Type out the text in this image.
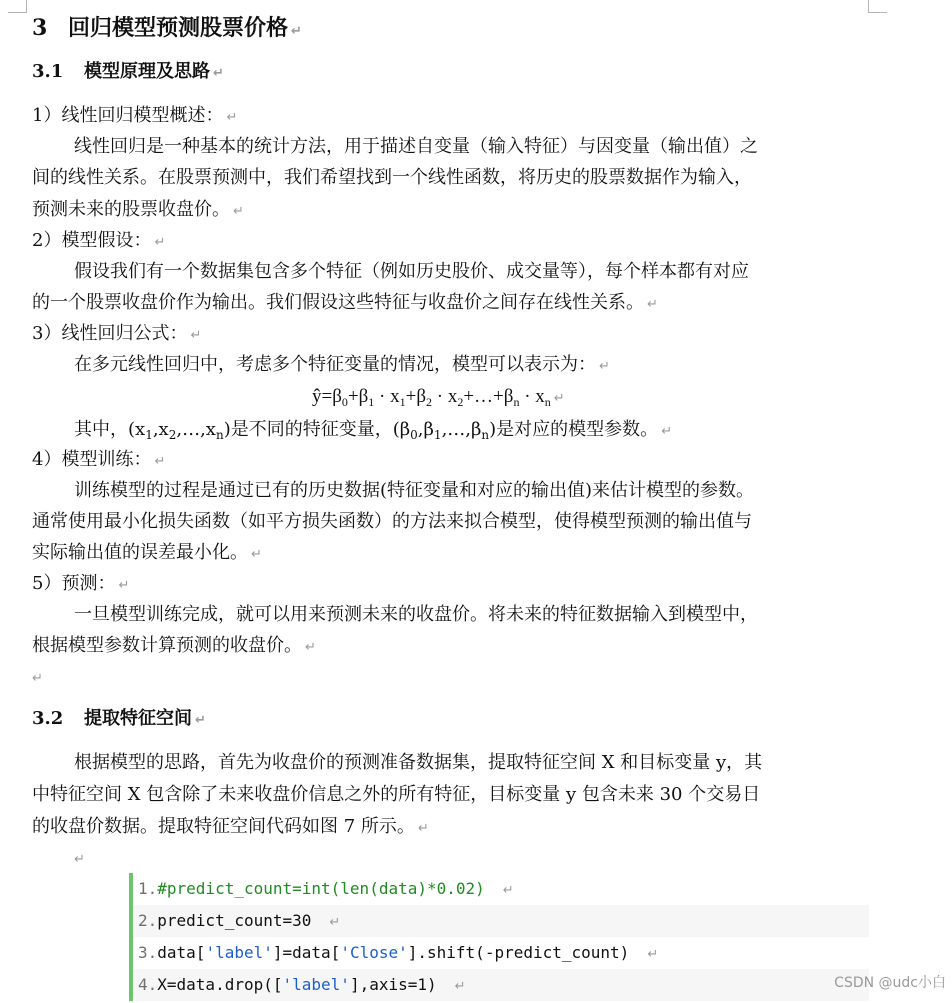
3 回归模型预测股票价格 ↵
3.1 模型原理及思路 ↵
1）线性回归模型概述： ↵
线性回归是一种基本的统计方法，用于描述自变量（输入特征）与因变量（输出值）之
间的线性关系。在股票预测中，我们希望找到一个线性函数，将历史的股票数据作为输入，
预测未来的股票收盘价。 ↵
2）模型假设： ↵
假设我们有一个数据集包含多个特征（例如历史股价、成交量等），每个样本都有对应
的一个股票收盘价作为输出。我们假设这些特征与收盘价之间存在线性关系。 ↵
3）线性回归公式： ↵
在多元线性回归中，考虑多个特征变量的情况，模型可以表示为： ↵
$ŷ=\beta_0+\beta_1 \cdot x_1+\beta_2$ · $x_2+\dots+\beta_n \cdot x_n$ ↵
其中，$(x_1,x_2,\dots,x_n)$是不同的特征变量，$(\beta_0,\beta_1,\dots,\beta_n)$是对应的模型参数。 ↵
4）模型训练： ↵
训练模型的过程是通过已有的历史数据(特征变量和对应的输出值)来估计模型的参数。
通常使用最小化损失函数（如平方损失函数）的方法来拟合模型，使得模型预测的输出值与
实际输出值的误差最小化。 ↵
5）预测： ↵
一旦模型训练完成，就可以用来预测未来的收盘价。将未来的特征数据输入到模型中，
根据模型参数计算预测的收盘价。 ↵
↵
3.2 提取特征空间 ↵
根据模型的思路，首先为收盘价的预测准备数据集，提取特征空间 X 和目标变量 y，其
中特征空间 X 包含除了未来收盘价信息之外的所有特征，目标变量 y 包含未来 30 个交易日
的收盘价数据。提取特征空间代码如图 7 所示。 ↵
↵
1.#predict_count=int(len(data)*0.02) ↵
2.predict_count=30 ↵
3.data['label']=data['Close'].shift(-predict_count) ↵
4.X=data.drop(['label'],axis=1) ↵	CSDN @udc小白
